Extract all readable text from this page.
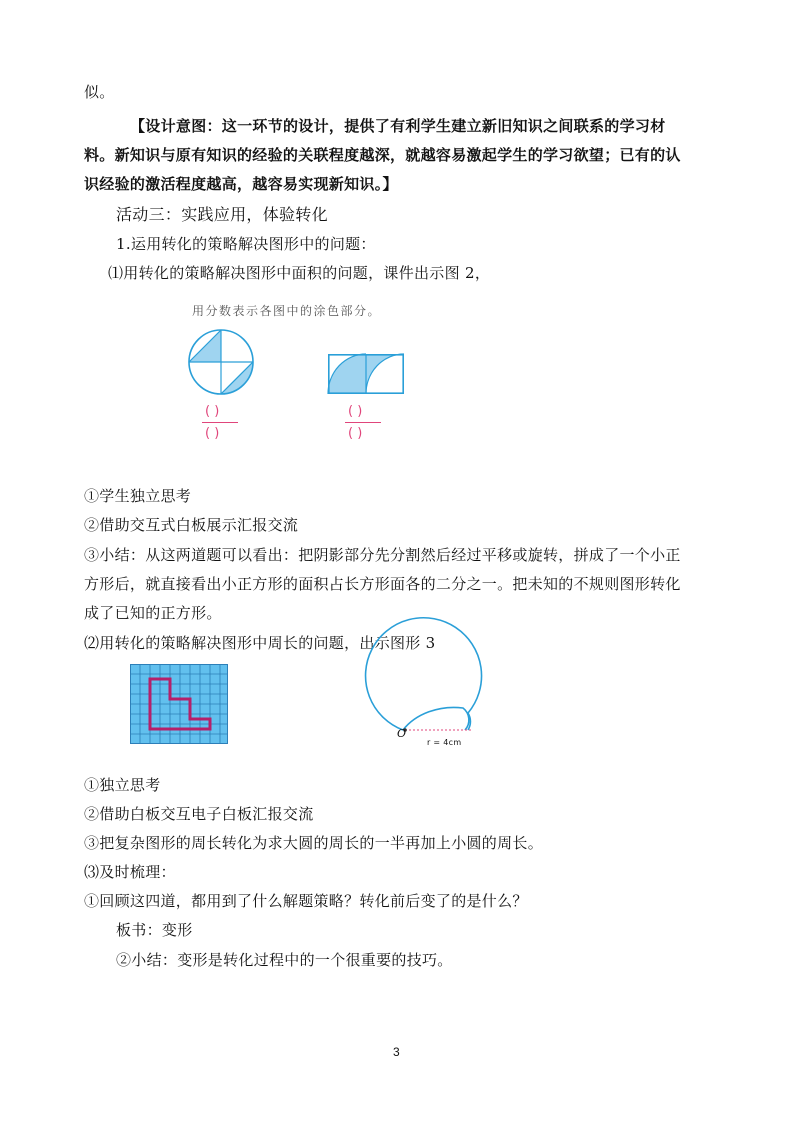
似。
【设计意图：这一环节的设计，提供了有利学生建立新旧知识之间联系的学习材
料。新知识与原有知识的经验的关联程度越深，就越容易激起学生的学习欲望；已有的认
识经验的激活程度越高，越容易实现新知识。】
活动三：实践应用，体验转化
1.运用转化的策略解决图形中的问题：
⑴用转化的策略解决图形中面积的问题，课件出示图 2，
用分数表示各图中的涂色部分。
( )
( )
( )
( )
①学生独立思考
②借助交互式白板展示汇报交流
③小结：从这两道题可以看出：把阴影部分先分割然后经过平移或旋转，拼成了一个小正
方形后，就直接看出小正方形的面积占长方形面各的二分之一。把未知的不规则图形转化
成了已知的正方形。
⑵用转化的策略解决图形中周长的问题，出示图形 3
O
r = 4cm
①独立思考
②借助白板交互电子白板汇报交流
③把复杂图形的周长转化为求大圆的周长的一半再加上小圆的周长。
⑶及时梳理：
①回顾这四道，都用到了什么解题策略？转化前后变了的是什么？
板书：变形
②小结：变形是转化过程中的一个很重要的技巧。
3
